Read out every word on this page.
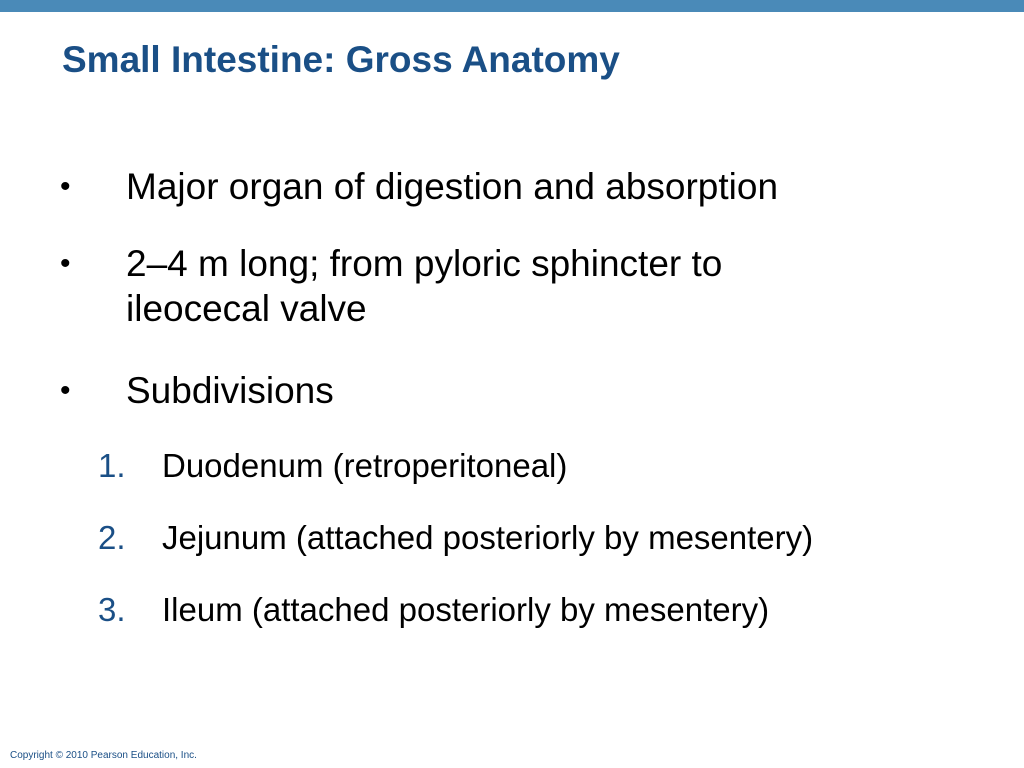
Small Intestine: Gross Anatomy
• Major organ of digestion and absorption
• 2–4 m long; from pyloric sphincter to ileocecal valve
• Subdivisions
1. Duodenum (retroperitoneal)
2. Jejunum (attached posteriorly by mesentery)
3. Ileum (attached posteriorly by mesentery)
Copyright © 2010 Pearson Education, Inc.
